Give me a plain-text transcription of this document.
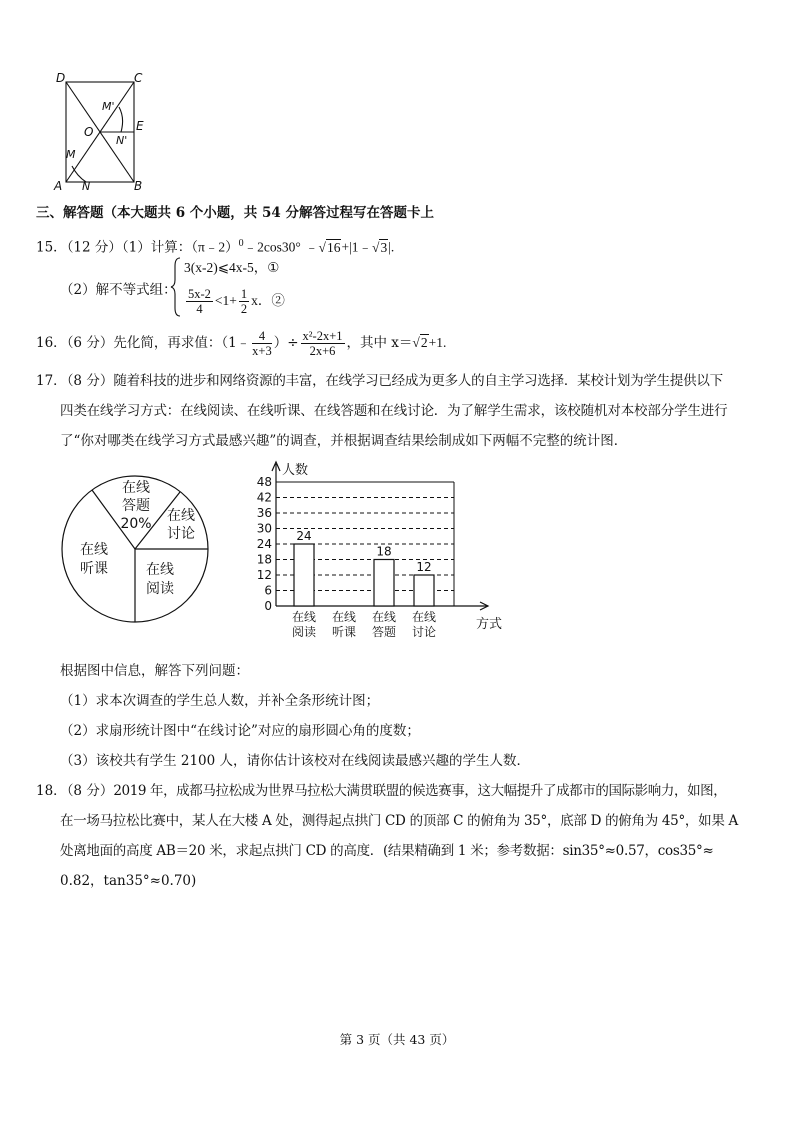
D	C
M'
O	E
N'
M
A N	B
三、解答题（本大题共 6 个小题，共 54 分解答过程写在答题卡上
15．（12 分）（1）计算：（π﹣2）$^0$﹣2cos30° ﹣√16+|1﹣√3|.
（2）解不等式组：
3(x-2)⩽4x-5，①
$\frac{5x-2}{4} <1+ \frac{1}{2}$ x．②
16．（6 分）先化简，再求值：（1﹣ $\frac{4}{x+3}$ ）÷ $\frac{\text{x²-2x+1}}{2x+6}$ ，其中 x＝√2+1.
17．（8 分）随着科技的进步和网络资源的丰富，在线学习已经成为更多人的自主学习选择．某校计划为学生提供以下
四类在线学习方式：在线阅读、在线听课、在线答题和在线讨论．为了解学生需求，该校随机对本校部分学生进行
了“你对哪类在线学习方式最感兴趣”的调查，并根据调查结果绘制成如下两幅不完整的统计图．
在线
答题
20% 在线
讨论
在线
阅读
在线
听课
0
6
12
18
24
30
36
42
48
24
18
12
在线
阅读
在线
听课
在线
答题
在线
讨论
人数
方式
根据图中信息，解答下列问题：
（1）求本次调查的学生总人数，并补全条形统计图；
（2）求扇形统计图中“在线讨论”对应的扇形圆心角的度数；
（3）该校共有学生 2100 人，请你估计该校对在线阅读最感兴趣的学生人数．
18．（8 分）2019 年，成都马拉松成为世界马拉松大满贯联盟的候选赛事，这大幅提升了成都市的国际影响力，如图，
在一场马拉松比赛中，某人在大楼 A 处，测得起点拱门 CD 的顶部 C 的俯角为 35°，底部 D 的俯角为 45°，如果 A
处离地面的高度 AB＝20 米，求起点拱门 CD 的高度．(结果精确到 1 米；参考数据：sin35°≈0.57，cos35°≈
0.82，tan35°≈0.70)
第 3 页（共 43 页）
